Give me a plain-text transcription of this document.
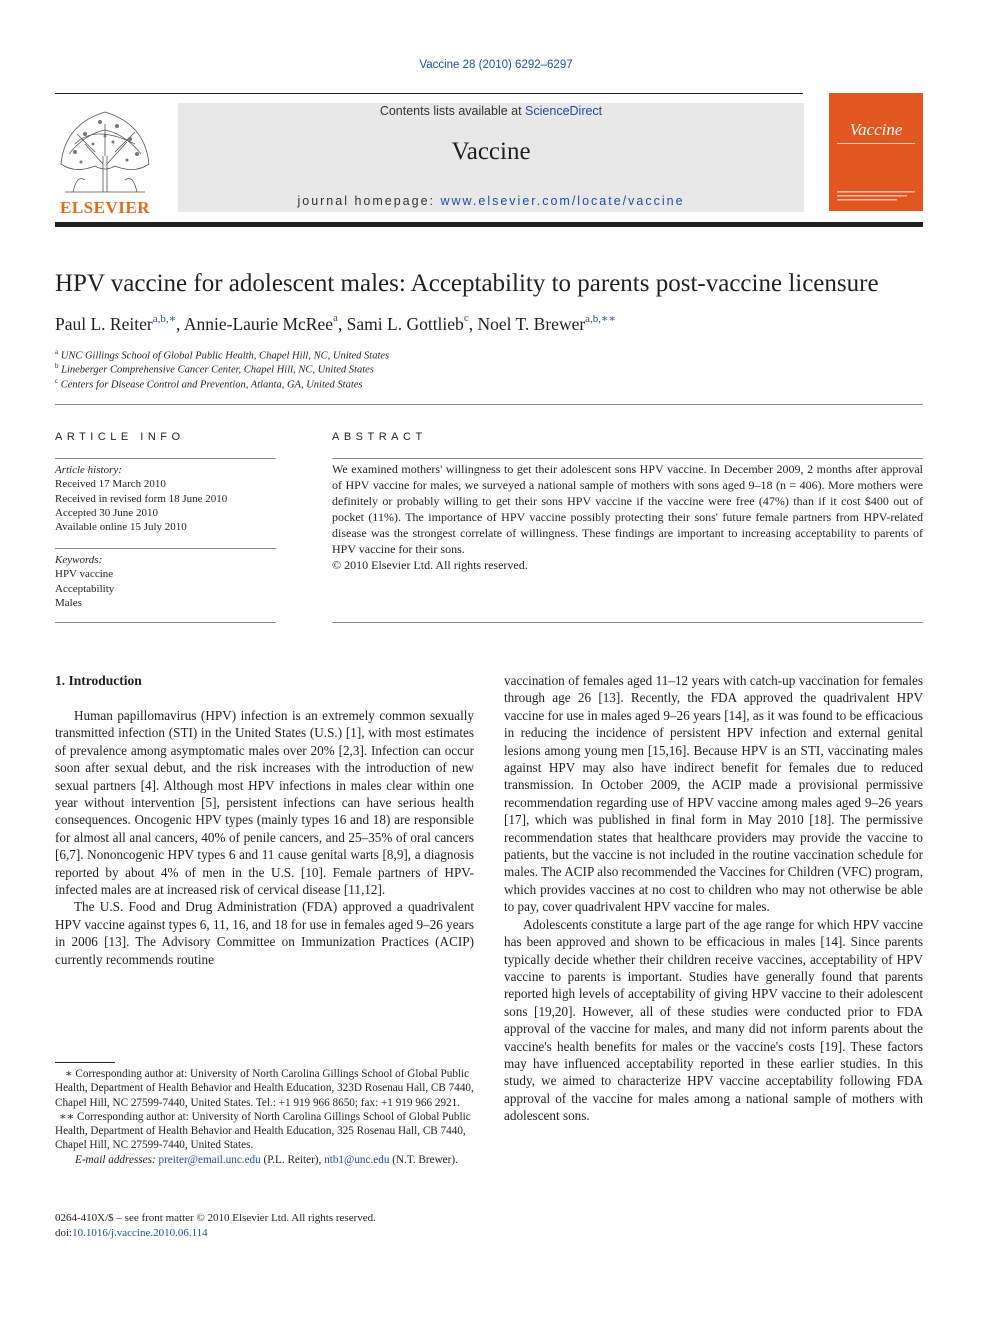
Vaccine 28 (2010) 6292–6297
ELSEVIER
Contents lists available at ScienceDirect
Vaccine
journal homepage: www.elsevier.com/locate/vaccine
Vaccine
HPV vaccine for adolescent males: Acceptability to parents post-vaccine licensure
Paul L. Reiter$^{a,b,∗}$, Annie-Laurie McRee$^a$, Sami L. Gottlieb$^c$, Noel T. Brewer$^{a,b,∗∗}$
$^a$ UNC Gillings School of Global Public Health, Chapel Hill, NC, United States
$^b$ Lineberger Comprehensive Cancer Center, Chapel Hill, NC, United States
$^c$ Centers for Disease Control and Prevention, Atlanta, GA, United States
ARTICLE INFO
Article history:
Received 17 March 2010
Received in revised form 18 June 2010
Accepted 30 June 2010
Available online 15 July 2010
Keywords:
HPV vaccine
Acceptability
Males
ABSTRACT

We examined mothers' willingness to get their adolescent sons HPV vaccine. In December 2009, 2 months after approval of HPV vaccine for males, we surveyed a national sample of mothers with sons aged 9–18 (n = 406). More mothers were definitely or probably willing to get their sons HPV vaccine if the vaccine were free (47%) than if it cost $400 out of pocket (11%). The importance of HPV vaccine possibly protecting their sons' future female partners from HPV-related disease was the strongest correlate of willingness. These findings are important to increasing acceptability to parents of HPV vaccine for their sons.

© 2010 Elsevier Ltd. All rights reserved.

1. Introduction

Human papillomavirus (HPV) infection is an extremely common sexually transmitted infection (STI) in the United States (U.S.) [1], with most estimates of prevalence among asymptomatic males over 20% [2,3]. Infection can occur soon after sexual debut, and the risk increases with the introduction of new sexual partners [4]. Although most HPV infections in males clear within one year without intervention [5], persistent infections can have serious health consequences. Oncogenic HPV types (mainly types 16 and 18) are responsible for almost all anal cancers, 40% of penile cancers, and 25–35% of oral cancers [6,7]. Nononcogenic HPV types 6 and 11 cause genital warts [8,9], a diagnosis reported by about 4% of men in the U.S. [10]. Female partners of HPV-infected males are at increased risk of cervical disease [11,12].

The U.S. Food and Drug Administration (FDA) approved a quadrivalent HPV vaccine against types 6, 11, 16, and 18 for use in females aged 9–26 years in 2006 [13]. The Advisory Committee on Immunization Practices (ACIP) currently recommends routine

vaccination of females aged 11–12 years with catch-up vaccination for females through age 26 [13]. Recently, the FDA approved the quadrivalent HPV vaccine for use in males aged 9–26 years [14], as it was found to be efficacious in reducing the incidence of persistent HPV infection and external genital lesions among young men [15,16]. Because HPV is an STI, vaccinating males against HPV may also have indirect benefit for females due to reduced transmission. In October 2009, the ACIP made a provisional permissive recommendation regarding use of HPV vaccine among males aged 9–26 years [17], which was published in final form in May 2010 [18]. The permissive recommendation states that healthcare providers may provide the vaccine to patients, but the vaccine is not included in the routine vaccination schedule for males. The ACIP also recommended the Vaccines for Children (VFC) program, which provides vaccines at no cost to children who may not otherwise be able to pay, cover quadrivalent HPV vaccine for males.

Adolescents constitute a large part of the age range for which HPV vaccine has been approved and shown to be efficacious in males [14]. Since parents typically decide whether their children receive vaccines, acceptability of HPV vaccine to parents is important. Studies have generally found that parents reported high levels of acceptability of giving HPV vaccine to their adolescent sons [19,20]. However, all of these studies were conducted prior to FDA approval of the vaccine for males, and many did not inform parents about the vaccine's health benefits for males or the vaccine's costs [19]. These factors may have influenced acceptability reported in these earlier studies. In this study, we aimed to characterize HPV vaccine acceptability following FDA approval of the vaccine for males among a national sample of mothers with adolescent sons.

∗ Corresponding author at: University of North Carolina Gillings School of Global Public Health, Department of Health Behavior and Health Education, 323D Rosenau Hall, CB 7440, Chapel Hill, NC 27599-7440, United States. Tel.: +1 919 966 8650; fax: +1 919 966 2921.

∗∗ Corresponding author at: University of North Carolina Gillings School of Global Public Health, Department of Health Behavior and Health Education, 325 Rosenau Hall, CB 7440, Chapel Hill, NC 27599-7440, United States.

E-mail addresses: preiter@email.unc.edu (P.L. Reiter), ntb1@unc.edu (N.T. Brewer).

0264-410X/$ – see front matter © 2010 Elsevier Ltd. All rights reserved.
doi:10.1016/j.vaccine.2010.06.114
